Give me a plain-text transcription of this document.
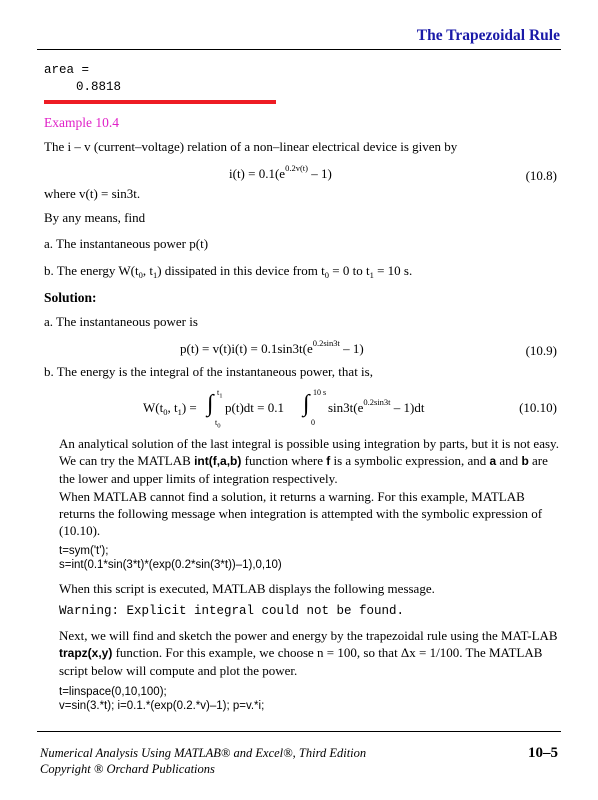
The Trapezoidal Rule
area =
0.8818
Example 10.4
The i – v (current–voltage) relation of a non–linear electrical device is given by
$i(t) = 0.1(e^{0.2v(t)} - 1)$	(10.8)
where v(t) = sin3t.
By any means, find
a. The instantaneous power p(t)
b. The energy $W(t_0$, $t_1$) dissipated in this device from $t_0 = 0$ to $t_1 = 10$ s.
Solution:
a. The instantaneous power is
$p(t) = v(t)i(t) = 0.1\sin 3t(e^{0.2sin3t} - 1)$	(10.9)
b. The energy is the integral of the instantaneous power, that is,
$W(t_0$, $t_1$) = ∫ $t_1$
$t_0$
p(t)dt = 0.1 ∫ 10 s
0
$\sin 3t(e^{0.2sin3t} - 1)dt$	(10.10)
An analytical solution of the last integral is possible using integration by parts, but it is not easy. We can try the MATLAB int(f,a,b) function where f is a symbolic expression, and a and b are the lower and upper limits of integration respectively.
When MATLAB cannot find a solution, it returns a warning. For this example, MATLAB returns the following message when integration is attempted with the symbolic expression of (10.10).
t=sym('t');
s=int(0.1*sin(3*t)*(exp(0.2*sin(3*t))–1),0,10)
When this script is executed, MATLAB displays the following message.
Warning: Explicit integral could not be found.
Next, we will find and sketch the power and energy by the trapezoidal rule using the MAT-LAB trapz(x,y) function. For this example, we choose n = 100, so that Δx = 1/100. The MATLAB script below will compute and plot the power.
t=linspace(0,10,100);
v=sin(3.*t); i=0.1.*(exp(0.2.*v)–1); p=v.*i;
Numerical Analysis Using MATLAB® and Excel®, Third Edition
Copyright ® Orchard Publications
10–5
